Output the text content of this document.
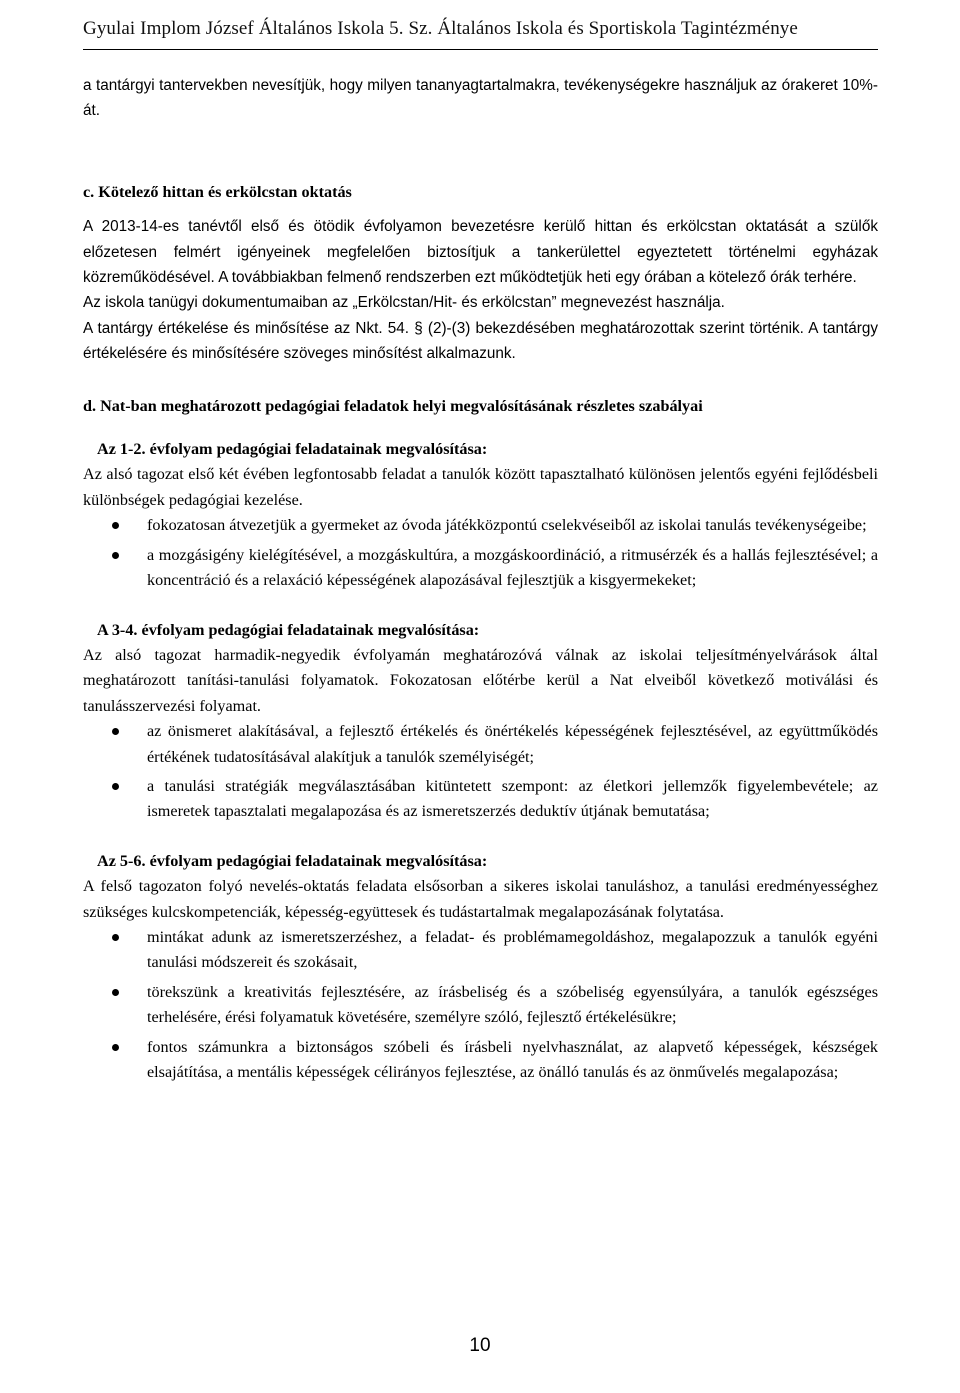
Gyulai Implom József Általános Iskola 5. Sz. Általános Iskola és Sportiskola Tagintézménye

a tantárgyi tantervekben nevesítjük, hogy milyen tananyagtartalmakra, tevékenységekre használjuk az órakeret 10%-át.

c. Kötelező hittan és erkölcstan oktatás

A 2013-14-es tanévtől első és ötödik évfolyamon bevezetésre kerülő hittan és erkölcstan oktatását a szülők előzetesen felmért igényeinek megfelelően biztosítjuk a tankerülettel egyeztetett történelmi egyházak közreműködésével. A továbbiakban felmenő rendszerben ezt működtetjük heti egy órában a kötelező órák terhére.

Az iskola tanügyi dokumentumaiban az „Erkölcstan/Hit- és erkölcstan” megnevezést használja.

A tantárgy értékelése és minősítése az Nkt. 54. § (2)-(3) bekezdésében meghatározottak szerint történik. A tantárgy értékelésére és minősítésére szöveges minősítést alkalmazunk.

d. Nat-ban meghatározott pedagógiai feladatok helyi megvalósításának részletes szabályai

Az 1-2. évfolyam pedagógiai feladatainak megvalósítása:

Az alsó tagozat első két évében legfontosabb feladat a tanulók között tapasztalható különösen jelentős egyéni fejlődésbeli különbségek pedagógiai kezelése.

fokozatosan átvezetjük a gyermeket az óvoda játékközpontú cselekvéseiből az iskolai tanulás tevékenységeibe;
a mozgásigény kielégítésével, a mozgáskultúra, a mozgáskoordináció, a ritmusérzék és a hallás fejlesztésével; a koncentráció és a relaxáció képességének alapozásával fejlesztjük a kisgyermekeket;

A 3-4. évfolyam pedagógiai feladatainak megvalósítása:

Az alsó tagozat harmadik-negyedik évfolyamán meghatározóvá válnak az iskolai teljesítményelvárások által meghatározott tanítási-tanulási folyamatok. Fokozatosan előtérbe kerül a Nat elveiből következő motiválási és tanulásszervezési folyamat.

az önismeret alakításával, a fejlesztő értékelés és önértékelés képességének fejlesztésével, az együttműködés értékének tudatosításával alakítjuk a tanulók személyiségét;
a tanulási stratégiák megválasztásában kitüntetett szempont: az életkori jellemzők figyelembevétele; az ismeretek tapasztalati megalapozása és az ismeretszerzés deduktív útjának bemutatása;

Az 5-6. évfolyam pedagógiai feladatainak megvalósítása:

A felső tagozaton folyó nevelés-oktatás feladata elsősorban a sikeres iskolai tanuláshoz, a tanulási eredményességhez szükséges kulcskompetenciák, képesség-együttesek és tudástartalmak megalapozásának folytatása.

mintákat adunk az ismeretszerzéshez, a feladat- és problémamegoldáshoz, megalapozzuk a tanulók egyéni tanulási módszereit és szokásait,
törekszünk a kreativitás fejlesztésére, az írásbeliség és a szóbeliség egyensúlyára, a tanulók egészséges terhelésére, érési folyamatuk követésére, személyre szóló, fejlesztő értékelésükre;
fontos számunkra a biztonságos szóbeli és írásbeli nyelvhasználat, az alapvető képességek, készségek elsajátítása, a mentális képességek célirányos fejlesztése, az önálló tanulás és az önművelés megalapozása;
10
